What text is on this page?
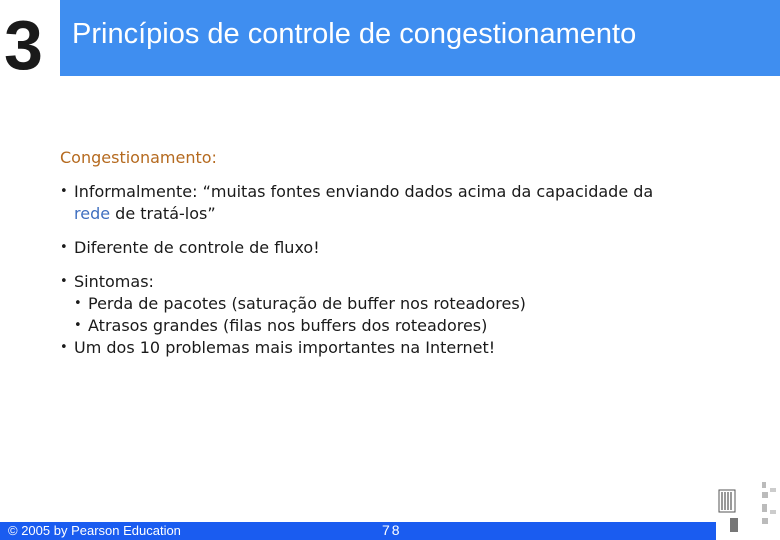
3 Princípios de controle de congestionamento

Congestionamento:

• Informalmente: “muitas fontes enviando dados acima da capacidade da
rede de tratá-los”
• Diferente de controle de fluxo!
• Sintomas:
• Perda de pacotes (saturação de buffer nos roteadores)
• Atrasos grandes (filas nos buffers dos roteadores)
• Um dos 10 problemas mais importantes na Internet!
© 2005 by Pearson Education	78
